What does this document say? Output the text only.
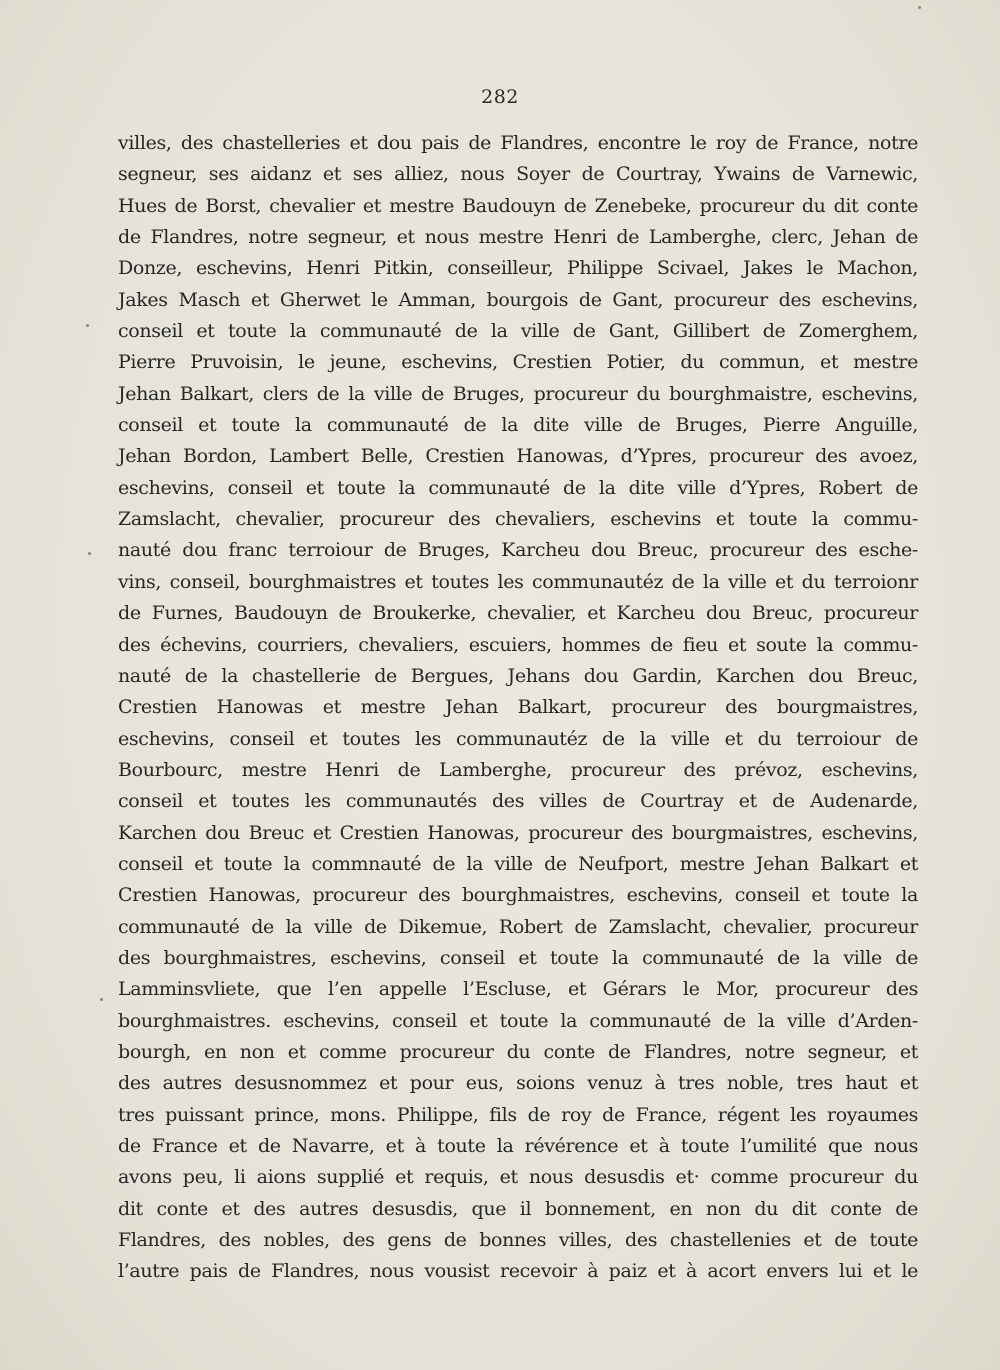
282
villes, des chastelleries et dou pais de Flandres, encontre le roy de France, notre
segneur, ses aidanz et ses alliez, nous Soyer de Courtray, Ywains de Varnewic,
Hues de Borst, chevalier et mestre Baudouyn de Zenebeke, procureur du dit conte
de Flandres, notre segneur, et nous mestre Henri de Lamberghe, clerc, Jehan de
Donze, eschevins, Henri Pitkin, conseilleur, Philippe Scivael, Jakes le Machon,
Jakes Masch et Gherwet le Amman, bourgois de Gant, procureur des eschevins,
conseil et toute la communauté de la ville de Gant, Gillibert de Zomerghem,
Pierre Pruvoisin, le jeune, eschevins, Crestien Potier, du commun, et mestre
Jehan Balkart, clers de la ville de Bruges, procureur du bourghmaistre, eschevins,
conseil et toute la communauté de la dite ville de Bruges, Pierre Anguille,
Jehan Bordon, Lambert Belle, Crestien Hanowas, d’Ypres, procureur des avoez,
eschevins, conseil et toute la communauté de la dite ville d’Ypres, Robert de
Zamslacht, chevalier, procureur des chevaliers, eschevins et toute la commu-
nauté dou franc terroiour de Bruges, Karcheu dou Breuc, procureur des esche-
vins, conseil, bourghmaistres et toutes les communautéz de la ville et du terroionr
de Furnes, Baudouyn de Broukerke, chevalier, et Karcheu dou Breuc, procureur
des échevins, courriers, chevaliers, escuiers, hommes de fieu et soute la commu-
nauté de la chastellerie de Bergues, Jehans dou Gardin, Karchen dou Breuc,
Crestien Hanowas et mestre Jehan Balkart, procureur des bourgmaistres,
eschevins, conseil et toutes les communautéz de la ville et du terroiour de
Bourbourc, mestre Henri de Lamberghe, procureur des prévoz, eschevins,
conseil et toutes les communautés des villes de Courtray et de Audenarde,
Karchen dou Breuc et Crestien Hanowas, procureur des bourgmaistres, eschevins,
conseil et toute la commnauté de la ville de Neufport, mestre Jehan Balkart et
Crestien Hanowas, procureur des bourghmaistres, eschevins, conseil et toute la
communauté de la ville de Dikemue, Robert de Zamslacht, chevalier, procureur
des bourghmaistres, eschevins, conseil et toute la communauté de la ville de
Lamminsvliete, que l’en appelle l’Escluse, et Gérars le Mor, procureur des
bourghmaistres. eschevins, conseil et toute la communauté de la ville d’Arden-
bourgh, en non et comme procureur du conte de Flandres, notre segneur, et
des autres desusnommez et pour eus, soions venuz à tres noble, tres haut et
tres puissant prince, mons. Philippe, fils de roy de France, régent les royaumes
de France et de Navarre, et à toute la révérence et à toute l’umilité que nous
avons peu, li aions supplié et requis, et nous desusdis et· comme procureur du
dit conte et des autres desusdis, que il bonnement, en non du dit conte de
Flandres, des nobles, des gens de bonnes villes, des chastellenies et de toute
l’autre pais de Flandres, nous vousist recevoir à paiz et à acort envers lui et le
